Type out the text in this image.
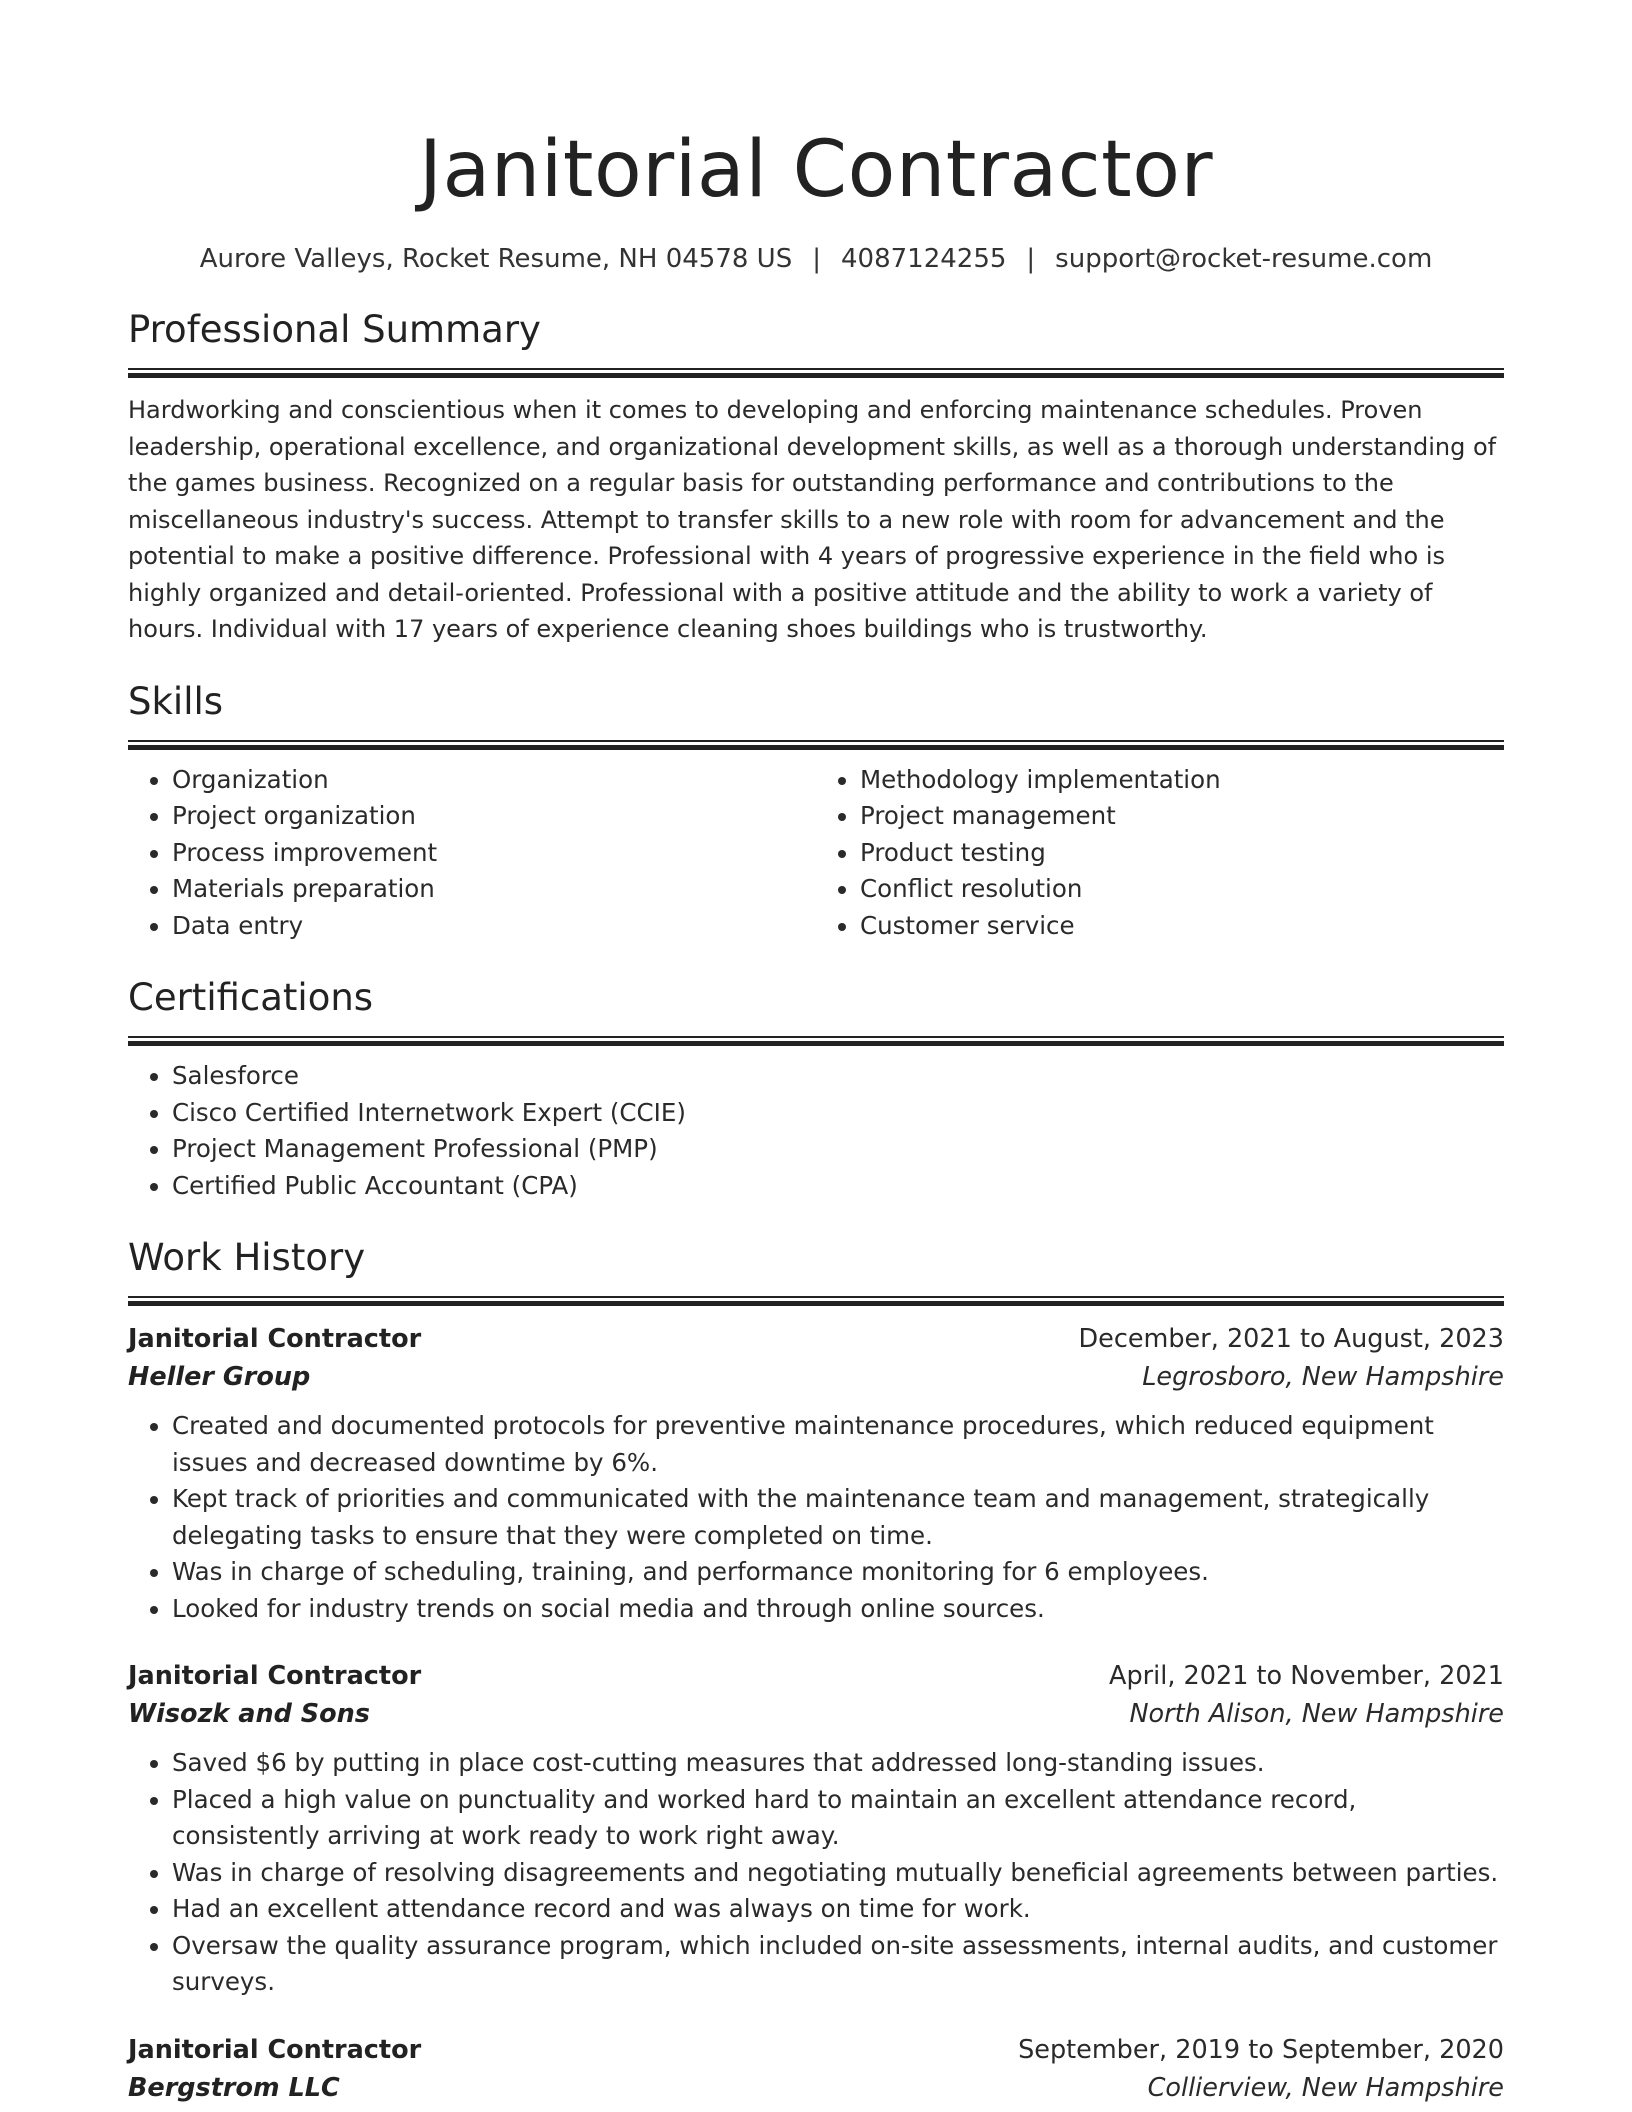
Janitorial Contractor
Aurore Valleys, Rocket Resume, NH 04578 US | 4087124255 | support@rocket-resume.com
Professional Summary

Hardworking and conscientious when it comes to developing and enforcing maintenance schedules. Proven leadership, operational excellence, and organizational development skills, as well as a thorough understanding of the games business. Recognized on a regular basis for outstanding performance and contributions to the miscellaneous industry's success. Attempt to transfer skills to a new role with room for advancement and the potential to make a positive difference. Professional with 4 years of progressive experience in the field who is highly organized and detail-oriented. Professional with a positive attitude and the ability to work a variety of hours. Individual with 17 years of experience cleaning shoes buildings who is trustworthy.

Skills
• Organization
• Project organization
• Process improvement
• Materials preparation
• Data entry
• Methodology implementation
• Project management
• Product testing
• Conflict resolution
• Customer service
Certifications
• Salesforce
• Cisco Certified Internetwork Expert (CCIE)
• Project Management Professional (PMP)
• Certified Public Accountant (CPA)
Work History
Janitorial Contractor	December, 2021 to August, 2023
Heller Group	Legrosboro, New Hampshire
• Created and documented protocols for preventive maintenance procedures, which reduced equipment issues and decreased downtime by 6%.
• Kept track of priorities and communicated with the maintenance team and management, strategically delegating tasks to ensure that they were completed on time.
• Was in charge of scheduling, training, and performance monitoring for 6 employees.
• Looked for industry trends on social media and through online sources.
Janitorial Contractor	April, 2021 to November, 2021
Wisozk and Sons	North Alison, New Hampshire
• Saved $6 by putting in place cost-cutting measures that addressed long-standing issues.
• Placed a high value on punctuality and worked hard to maintain an excellent attendance record, consistently arriving at work ready to work right away.
• Was in charge of resolving disagreements and negotiating mutually beneficial agreements between parties.
• Had an excellent attendance record and was always on time for work.
• Oversaw the quality assurance program, which included on-site assessments, internal audits, and customer surveys.
Janitorial Contractor	September, 2019 to September, 2020
Bergstrom LLC	Collierview, New Hampshire
